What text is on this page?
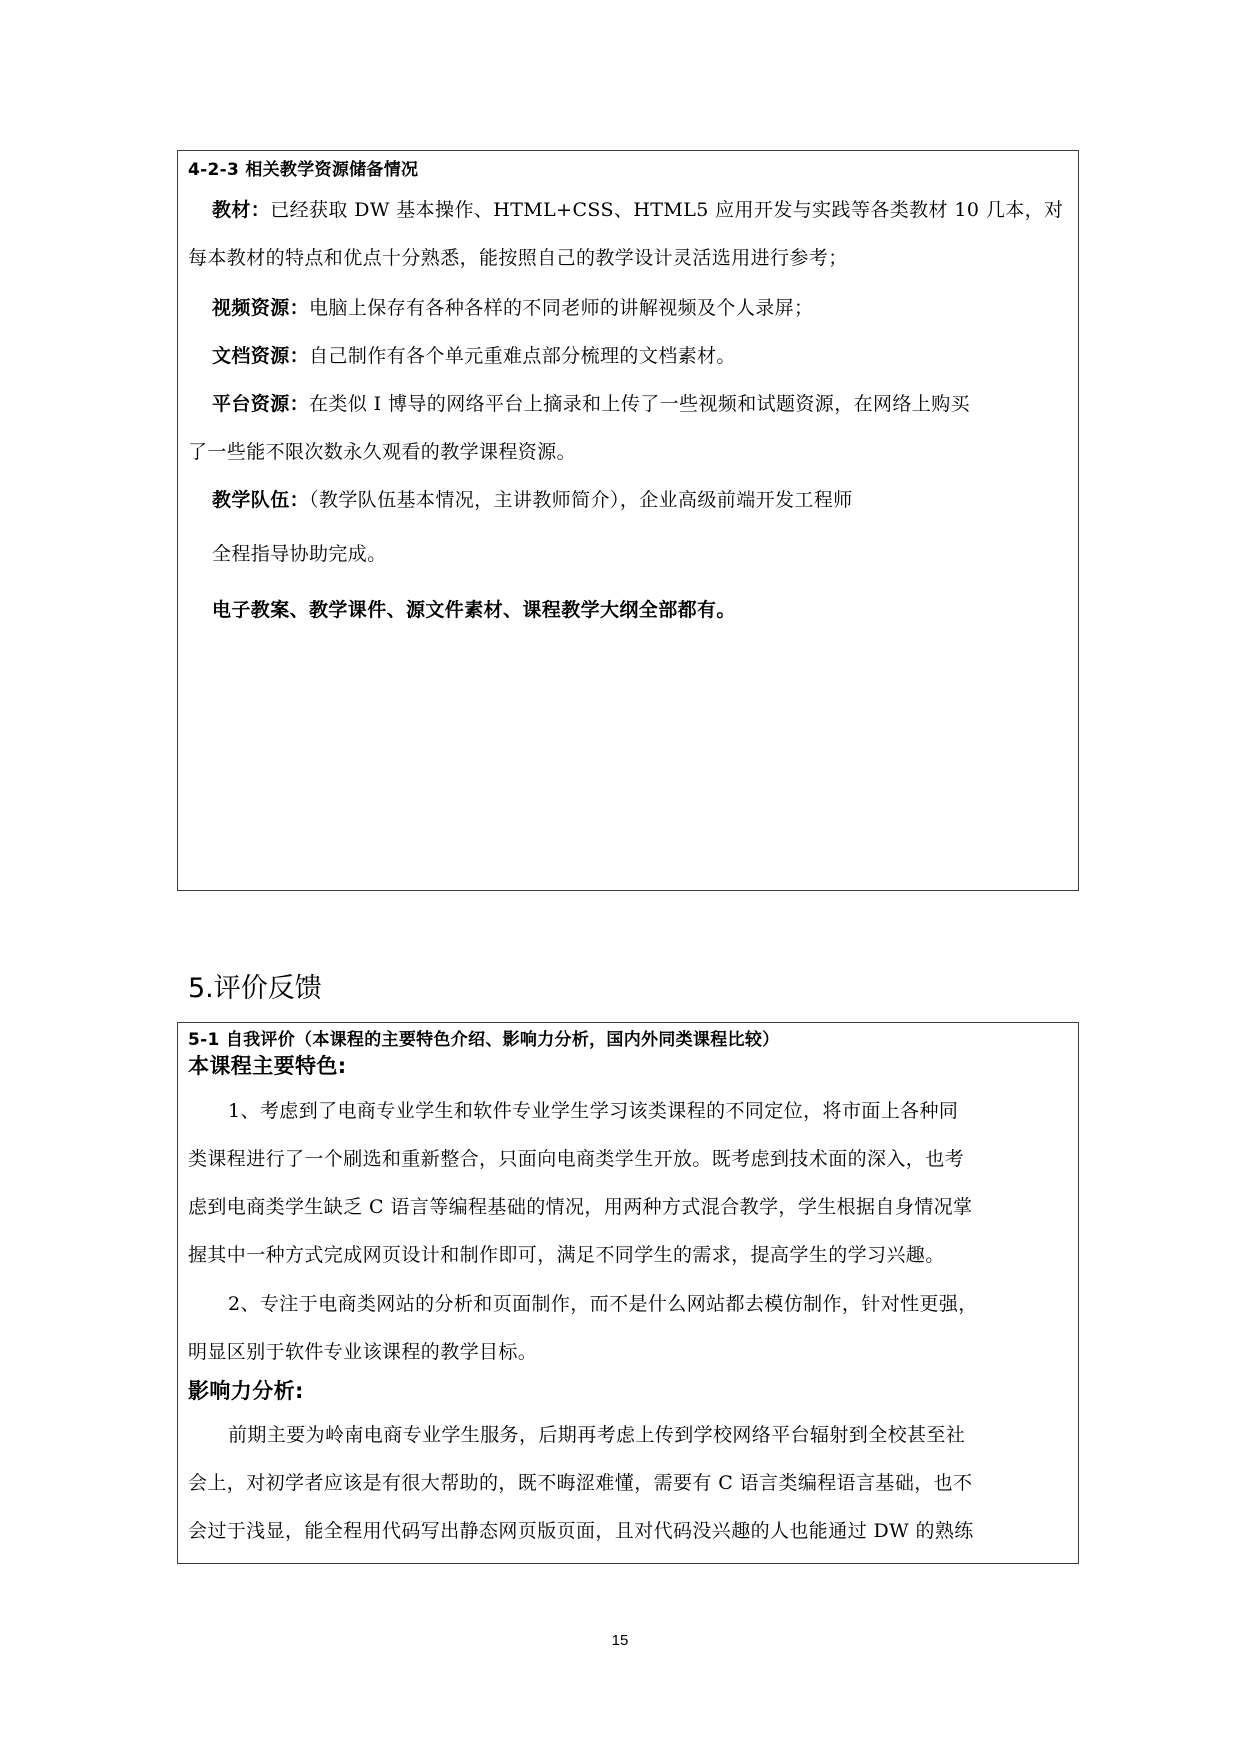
4-2-3 相关教学资源储备情况
教材：已经获取 DW 基本操作、HTML+CSS、HTML5 应用开发与实践等各类教材 10 几本，对
每本教材的特点和优点十分熟悉，能按照自己的教学设计灵活选用进行参考；
视频资源：电脑上保存有各种各样的不同老师的讲解视频及个人录屏；
文档资源：自己制作有各个单元重难点部分梳理的文档素材。
平台资源：在类似 I 博导的网络平台上摘录和上传了一些视频和试题资源，在网络上购买
了一些能不限次数永久观看的教学课程资源。
教学队伍：（教学队伍基本情况，主讲教师简介），企业高级前端开发工程师
全程指导协助完成。
电子教案、教学课件、源文件素材、课程教学大纲全部都有。
5.评价反馈
5-1 自我评价（本课程的主要特色介绍、影响力分析，国内外同类课程比较）
本课程主要特色:
1、考虑到了电商专业学生和软件专业学生学习该类课程的不同定位，将市面上各种同
类课程进行了一个刷选和重新整合，只面向电商类学生开放。既考虑到技术面的深入，也考
虑到电商类学生缺乏 C 语言等编程基础的情况，用两种方式混合教学，学生根据自身情况掌
握其中一种方式完成网页设计和制作即可，满足不同学生的需求，提高学生的学习兴趣。
2、专注于电商类网站的分析和页面制作，而不是什么网站都去模仿制作，针对性更强，
明显区别于软件专业该课程的教学目标。
影响力分析:
前期主要为岭南电商专业学生服务，后期再考虑上传到学校网络平台辐射到全校甚至社
会上，对初学者应该是有很大帮助的，既不晦涩难懂，需要有 C 语言类编程语言基础，也不
会过于浅显，能全程用代码写出静态网页版页面，且对代码没兴趣的人也能通过 DW 的熟练
15
